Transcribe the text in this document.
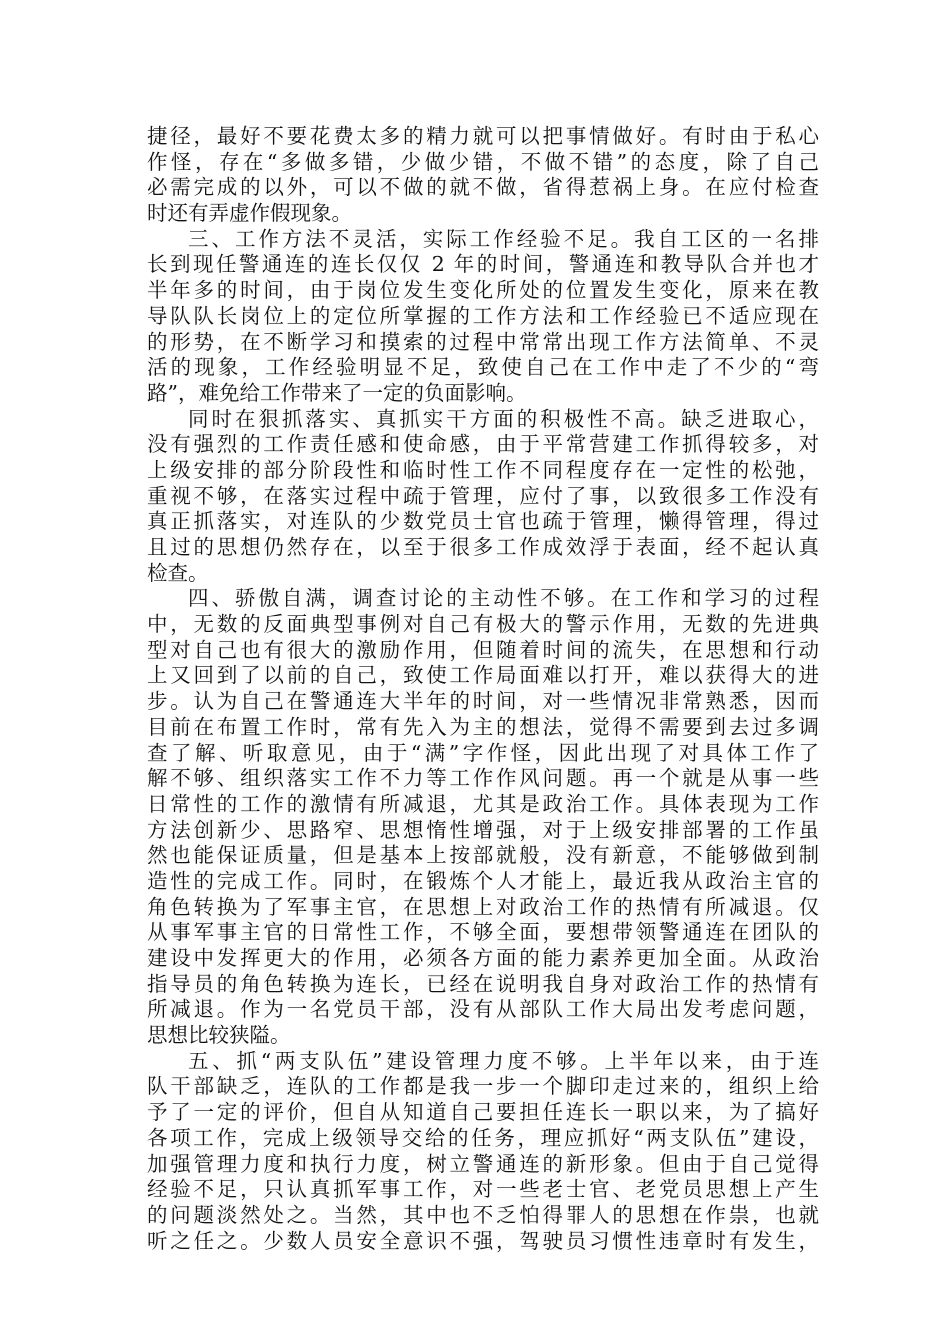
捷径，最好不要花费太多的精力就可以把事情做好。有时由于私心
作怪，存在“多做多错，少做少错，不做不错”的态度，除了自己
必需完成的以外，可以不做的就不做，省得惹祸上身。在应付检查
时还有弄虚作假现象。
三、工作方法不灵活，实际工作经验不足。我自工区的一名排
长到现任警通连的连长仅仅 2 年的时间，警通连和教导队合并也才
半年多的时间，由于岗位发生变化所处的位置发生变化，原来在教
导队队长岗位上的定位所掌握的工作方法和工作经验已不适应现在
的形势，在不断学习和摸索的过程中常常出现工作方法简单、不灵
活的现象，工作经验明显不足，致使自己在工作中走了不少的“弯
路”，难免给工作带来了一定的负面影响。
同时在狠抓落实、真抓实干方面的积极性不高。缺乏进取心，
没有强烈的工作责任感和使命感，由于平常营建工作抓得较多，对
上级安排的部分阶段性和临时性工作不同程度存在一定性的松弛，
重视不够，在落实过程中疏于管理，应付了事，以致很多工作没有
真正抓落实，对连队的少数党员士官也疏于管理，懒得管理，得过
且过的思想仍然存在，以至于很多工作成效浮于表面，经不起认真
检查。
四、骄傲自满，调查讨论的主动性不够。在工作和学习的过程
中，无数的反面典型事例对自己有极大的警示作用，无数的先进典
型对自己也有很大的激励作用，但随着时间的流失，在思想和行动
上又回到了以前的自己，致使工作局面难以打开，难以获得大的进
步。认为自己在警通连大半年的时间，对一些情况非常熟悉，因而
目前在布置工作时，常有先入为主的想法，觉得不需要到去过多调
查了解、听取意见，由于“满”字作怪，因此出现了对具体工作了
解不够、组织落实工作不力等工作作风问题。再一个就是从事一些
日常性的工作的激情有所减退，尤其是政治工作。具体表现为工作
方法创新少、思路窄、思想惰性增强，对于上级安排部署的工作虽
然也能保证质量，但是基本上按部就般，没有新意，不能够做到制
造性的完成工作。同时，在锻炼个人才能上，最近我从政治主官的
角色转换为了军事主官，在思想上对政治工作的热情有所减退。仅
从事军事主官的日常性工作，不够全面，要想带领警通连在团队的
建设中发挥更大的作用，必须各方面的能力素养更加全面。从政治
指导员的角色转换为连长，已经在说明我自身对政治工作的热情有
所减退。作为一名党员干部，没有从部队工作大局出发考虑问题，
思想比较狭隘。
五、抓“两支队伍”建设管理力度不够。上半年以来，由于连
队干部缺乏，连队的工作都是我一步一个脚印走过来的，组织上给
予了一定的评价，但自从知道自己要担任连长一职以来，为了搞好
各项工作，完成上级领导交给的任务，理应抓好“两支队伍”建设，
加强管理力度和执行力度，树立警通连的新形象。但由于自己觉得
经验不足，只认真抓军事工作，对一些老士官、老党员思想上产生
的问题淡然处之。当然，其中也不乏怕得罪人的思想在作祟，也就
听之任之。少数人员安全意识不强，驾驶员习惯性违章时有发生，
